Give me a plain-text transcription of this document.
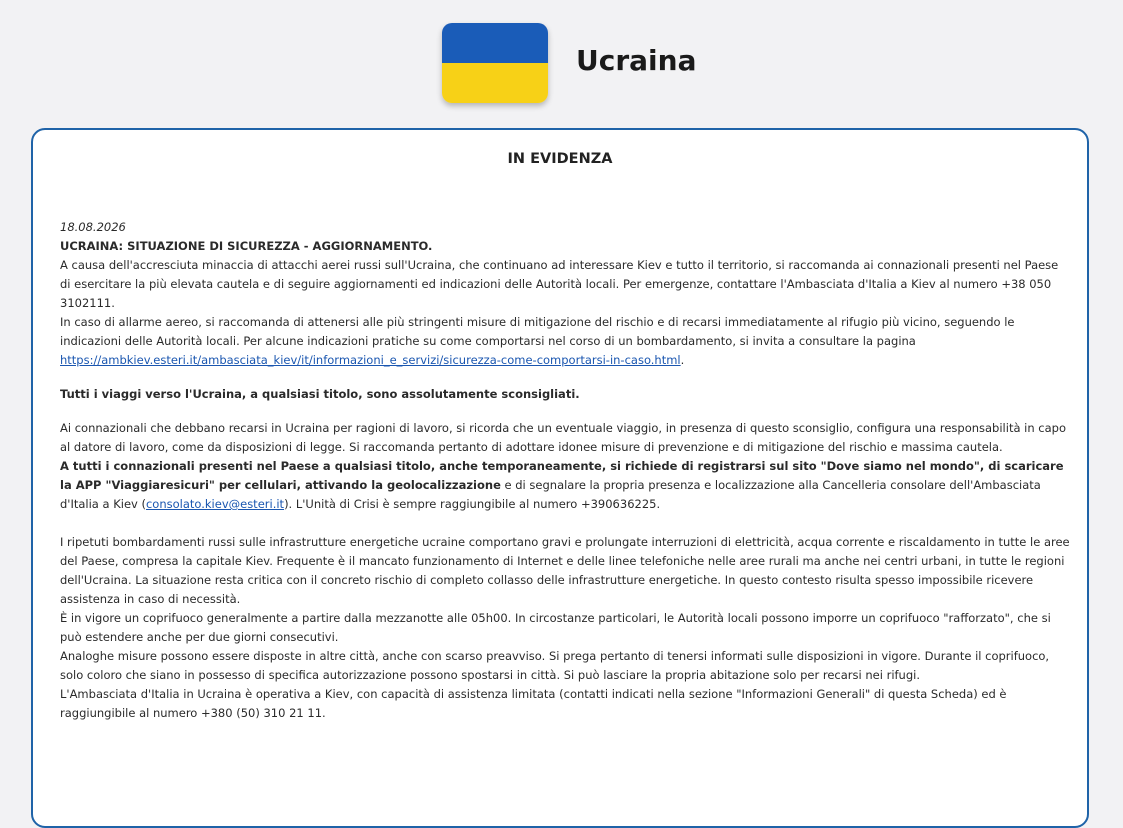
Ucraina
IN EVIDENZA

18.08.2026

UCRAINA: SITUAZIONE DI SICUREZZA - AGGIORNAMENTO.

A causa dell'accresciuta minaccia di attacchi aerei russi sull'Ucraina, che continuano ad interessare Kiev e tutto il territorio, si raccomanda ai connazionali presenti nel Paese di esercitare la più elevata cautela e di seguire aggiornamenti ed indicazioni delle Autorità locali. Per emergenze, contattare l'Ambasciata d'Italia a Kiev al numero +38 050 3102111.

In caso di allarme aereo, si raccomanda di attenersi alle più stringenti misure di mitigazione del rischio e di recarsi immediatamente al rifugio più vicino, seguendo le indicazioni delle Autorità locali. Per alcune indicazioni pratiche su come comportarsi nel corso di un bombardamento, si invita a consultare la pagina https://ambkiev.esteri.it/ambasciata_kiev/it/informazioni_e_servizi/sicurezza-come-comportarsi-in-caso.html.

Tutti i viaggi verso l'Ucraina, a qualsiasi titolo, sono assolutamente sconsigliati.

Ai connazionali che debbano recarsi in Ucraina per ragioni di lavoro, si ricorda che un eventuale viaggio, in presenza di questo sconsiglio, configura una responsabilità in capo al datore di lavoro, come da disposizioni di legge. Si raccomanda pertanto di adottare idonee misure di prevenzione e di mitigazione del rischio e massima cautela.

A tutti i connazionali presenti nel Paese a qualsiasi titolo, anche temporaneamente, si richiede di registrarsi sul sito "Dove siamo nel mondo", di scaricare la APP "Viaggiaresicuri" per cellulari, attivando la geolocalizzazione e di segnalare la propria presenza e localizzazione alla Cancelleria consolare dell'Ambasciata d'Italia a Kiev (consolato.kiev@esteri.it). L'Unità di Crisi è sempre raggiungibile al numero +390636225.

I ripetuti bombardamenti russi sulle infrastrutture energetiche ucraine comportano gravi e prolungate interruzioni di elettricità, acqua corrente e riscaldamento in tutte le aree del Paese, compresa la capitale Kiev. Frequente è il mancato funzionamento di Internet e delle linee telefoniche nelle aree rurali ma anche nei centri urbani, in tutte le regioni dell'Ucraina. La situazione resta critica con il concreto rischio di completo collasso delle infrastrutture energetiche. In questo contesto risulta spesso impossibile ricevere assistenza in caso di necessità.

È in vigore un coprifuoco generalmente a partire dalla mezzanotte alle 05h00. In circostanze particolari, le Autorità locali possono imporre un coprifuoco "rafforzato", che si può estendere anche per due giorni consecutivi.

Analoghe misure possono essere disposte in altre città, anche con scarso preavviso. Si prega pertanto di tenersi informati sulle disposizioni in vigore. Durante il coprifuoco, solo coloro che siano in possesso di specifica autorizzazione possono spostarsi in città. Si può lasciare la propria abitazione solo per recarsi nei rifugi.

L'Ambasciata d'Italia in Ucraina è operativa a Kiev, con capacità di assistenza limitata (contatti indicati nella sezione "Informazioni Generali" di questa Scheda) ed è raggiungibile al numero +380 (50) 310 21 11.
